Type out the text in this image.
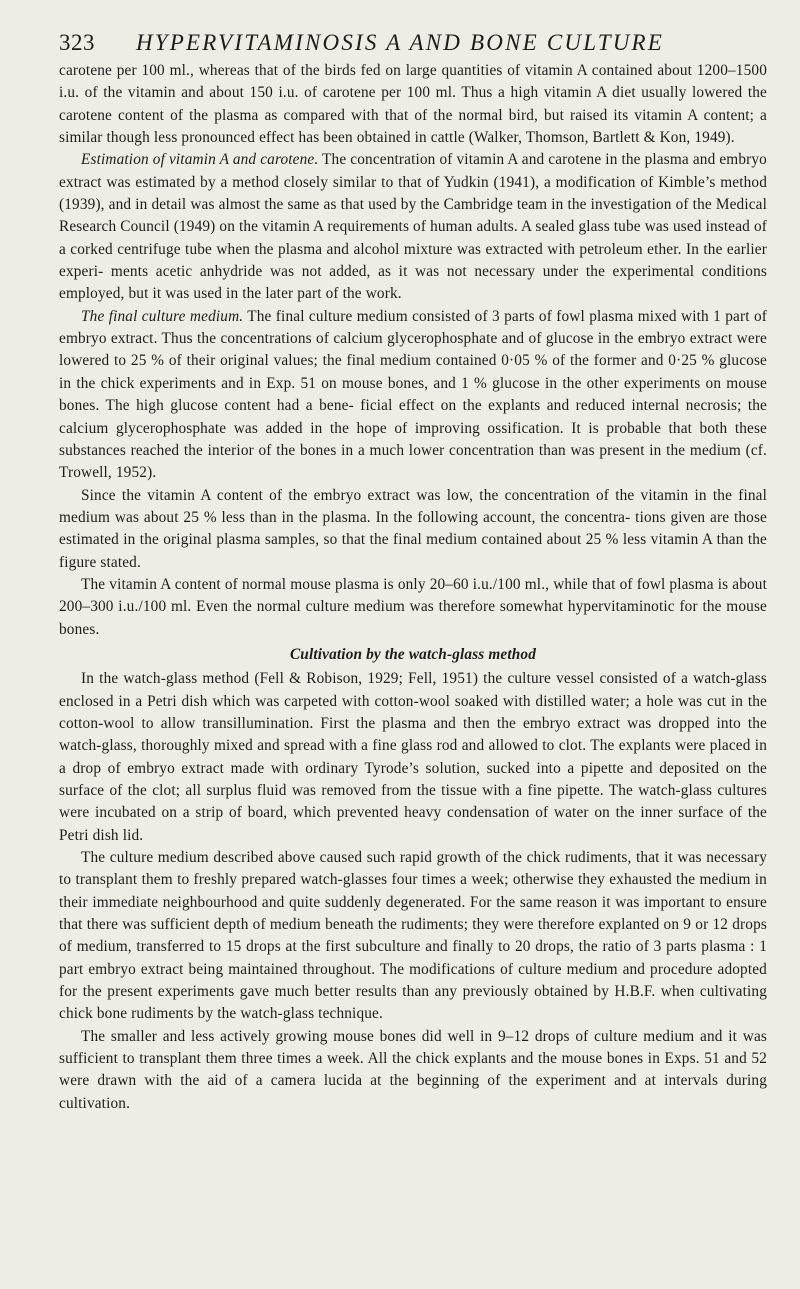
323 HYPERVITAMINOSIS A AND BONE CULTURE

carotene per 100 ml., whereas that of the birds fed on large quantities of vitamin A contained about 1200–1500 i.u. of the vitamin and about 150 i.u. of carotene per 100 ml. Thus a high vitamin A diet usually lowered the carotene content of the plasma as compared with that of the normal bird, but raised its vitamin A content; a similar though less pronounced effect has been obtained in cattle (Walker, Thomson, Bartlett & Kon, 1949).

Estimation of vitamin A and carotene. The concentration of vitamin A and carotene in the plasma and embryo extract was estimated by a method closely similar to that of Yudkin (1941), a modification of Kimble’s method (1939), and in detail was almost the same as that used by the Cambridge team in the investigation of the Medical Research Council (1949) on the vitamin A requirements of human adults. A sealed glass tube was used instead of a corked centrifuge tube when the plasma and alcohol mixture was extracted with petroleum ether. In the earlier experi- ments acetic anhydride was not added, as it was not necessary under the experimental conditions employed, but it was used in the later part of the work.

The final culture medium. The final culture medium consisted of 3 parts of fowl plasma mixed with 1 part of embryo extract. Thus the concentrations of calcium glycerophosphate and of glucose in the embryo extract were lowered to 25 % of their original values; the final medium contained 0·05 % of the former and 0·25 % glucose in the chick experiments and in Exp. 51 on mouse bones, and 1 % glucose in the other experiments on mouse bones. The high glucose content had a bene- ficial effect on the explants and reduced internal necrosis; the calcium glycerophosphate was added in the hope of improving ossification. It is probable that both these substances reached the interior of the bones in a much lower concentration than was present in the medium (cf. Trowell, 1952).

Since the vitamin A content of the embryo extract was low, the concentration of the vitamin in the final medium was about 25 % less than in the plasma. In the following account, the concentra- tions given are those estimated in the original plasma samples, so that the final medium contained about 25 % less vitamin A than the figure stated.

The vitamin A content of normal mouse plasma is only 20–60 i.u./100 ml., while that of fowl plasma is about 200–300 i.u./100 ml. Even the normal culture medium was therefore somewhat hypervitaminotic for the mouse bones.

Cultivation by the watch-glass method

In the watch-glass method (Fell & Robison, 1929; Fell, 1951) the culture vessel consisted of a watch-glass enclosed in a Petri dish which was carpeted with cotton-wool soaked with distilled water; a hole was cut in the cotton-wool to allow transillumination. First the plasma and then the embryo extract was dropped into the watch-glass, thoroughly mixed and spread with a fine glass rod and allowed to clot. The explants were placed in a drop of embryo extract made with ordinary Tyrode’s solution, sucked into a pipette and deposited on the surface of the clot; all surplus fluid was removed from the tissue with a fine pipette. The watch-glass cultures were incubated on a strip of board, which prevented heavy condensation of water on the inner surface of the Petri dish lid.

The culture medium described above caused such rapid growth of the chick rudiments, that it was necessary to transplant them to freshly prepared watch-glasses four times a week; otherwise they exhausted the medium in their immediate neighbourhood and quite suddenly degenerated. For the same reason it was important to ensure that there was sufficient depth of medium beneath the rudiments; they were therefore explanted on 9 or 12 drops of medium, transferred to 15 drops at the first subculture and finally to 20 drops, the ratio of 3 parts plasma : 1 part embryo extract being maintained throughout. The modifications of culture medium and procedure adopted for the present experiments gave much better results than any previously obtained by H.B.F. when cultivating chick bone rudiments by the watch-glass technique.

The smaller and less actively growing mouse bones did well in 9–12 drops of culture medium and it was sufficient to transplant them three times a week. All the chick explants and the mouse bones in Exps. 51 and 52 were drawn with the aid of a camera lucida at the beginning of the experiment and at intervals during cultivation.
